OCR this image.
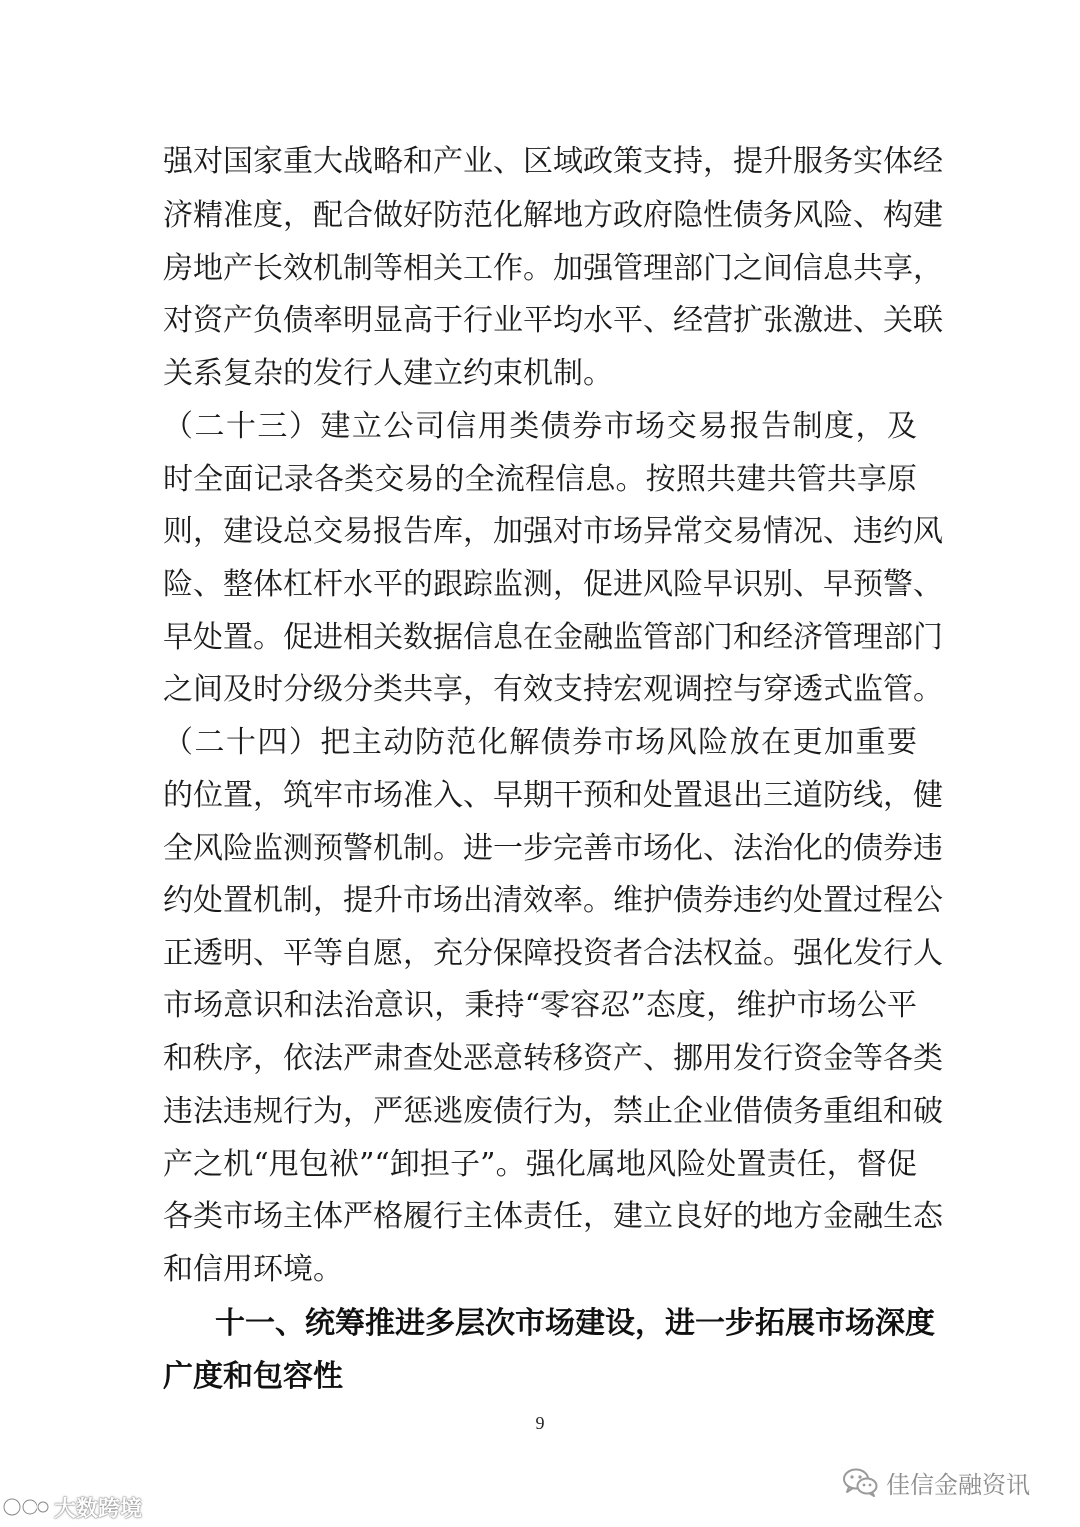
强对国家重大战略和产业、区域政策支持，提升服务实体经
济精准度，配合做好防范化解地方政府隐性债务风险、构建
房地产长效机制等相关工作。加强管理部门之间信息共享，
对资产负债率明显高于行业平均水平、经营扩张激进、关联
关系复杂的发行人建立约束机制。
（二十三）建立公司信用类债券市场交易报告制度，及
时全面记录各类交易的全流程信息。按照共建共管共享原
则，建设总交易报告库，加强对市场异常交易情况、违约风
险、整体杠杆水平的跟踪监测，促进风险早识别、早预警、
早处置。促进相关数据信息在金融监管部门和经济管理部门
之间及时分级分类共享，有效支持宏观调控与穿透式监管。
（二十四）把主动防范化解债券市场风险放在更加重要
的位置，筑牢市场准入、早期干预和处置退出三道防线，健
全风险监测预警机制。进一步完善市场化、法治化的债券违
约处置机制，提升市场出清效率。维护债券违约处置过程公
正透明、平等自愿，充分保障投资者合法权益。强化发行人
市场意识和法治意识，秉持“零容忍”态度，维护市场公平
和秩序，依法严肃查处恶意转移资产、挪用发行资金等各类
违法违规行为，严惩逃废债行为，禁止企业借债务重组和破
产之机“甩包袱”“卸担子”。强化属地风险处置责任，督促
各类市场主体严格履行主体责任，建立良好的地方金融生态
和信用环境。
十一、统筹推进多层次市场建设，进一步拓展市场深度
广度和包容性
9
佳信金融资讯
大数跨境
